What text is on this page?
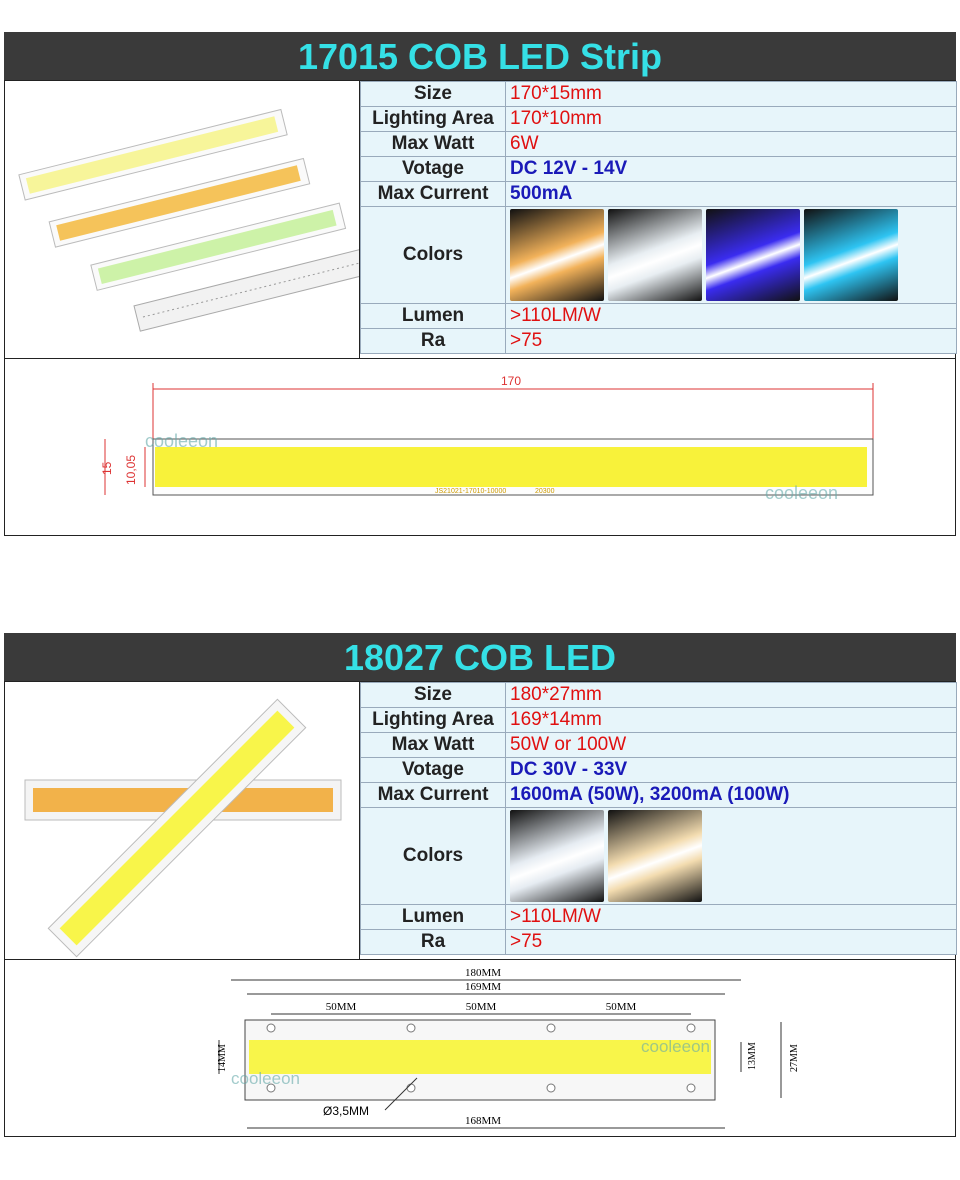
17015 COB LED Strip
Size	170*15mm
Lighting Area	170*10mm
Max Watt	6W
Votage	DC 12V - 14V
Max Current	500mA
Colors	

Lumen	>110LM/W
Ra	>75
170
15 10,05
JS21021-17010-10000	20300
cooleeon
cooleeon
18027 COB LED
Size	180*27mm
Lighting Area	169*14mm
Max Watt	50W or 100W
Votage	DC 30V - 33V
Max Current	1600mA (50W), 3200mA (100W)
Colors	

Lumen	>110LM/W
Ra	>75
180MM
169MM
50MM	50MM	50MM
14MM	13MM	27MM
Ø3,5MM
168MM
cooleeon
cooleeon
